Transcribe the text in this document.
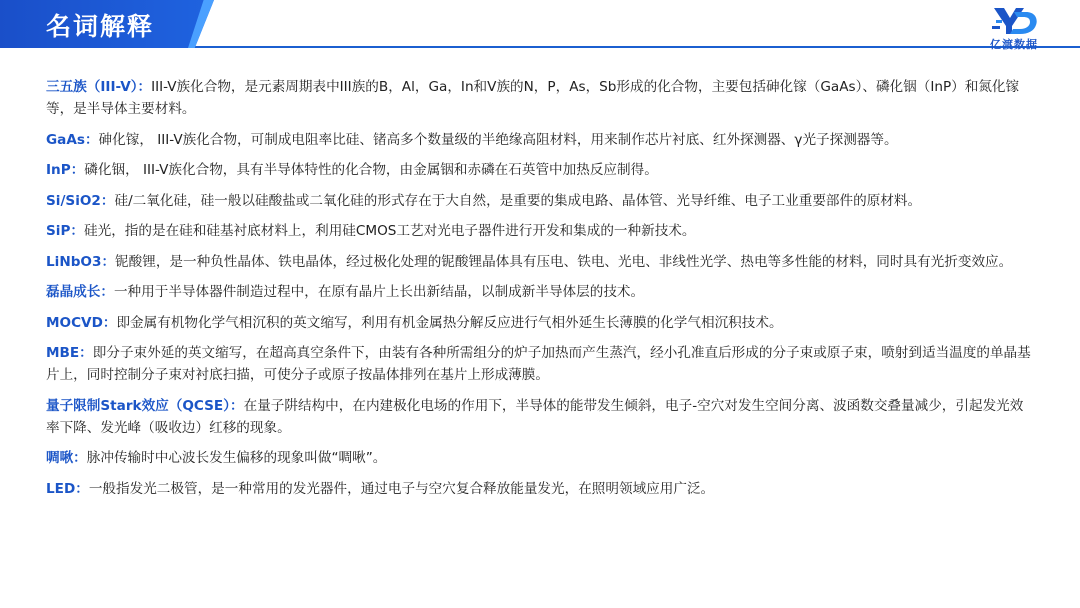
名词解释
亿渡数据
三五族（III-V）：III-V族化合物，是元素周期表中III族的B，Al，Ga，In和V族的N，P，As，Sb形成的化合物，主要包括砷化镓（GaAs）、磷化铟（InP）和氮化镓等，是半导体主要材料。
GaAs：砷化镓， III-V族化合物，可制成电阻率比硅、锗高多个数量级的半绝缘高阻材料，用来制作芯片衬底、红外探测器、γ光子探测器等。
InP：磷化铟， III-V族化合物，具有半导体特性的化合物，由金属铟和赤磷在石英管中加热反应制得。
Si/SiO2：硅/二氧化硅，硅一般以硅酸盐或二氧化硅的形式存在于大自然，是重要的集成电路、晶体管、光导纤维、电子工业重要部件的原材料。
SiP：硅光，指的是在硅和硅基衬底材料上，利用硅CMOS工艺对光电子器件进行开发和集成的一种新技术。
LiNbO3：铌酸锂，是一种负性晶体、铁电晶体，经过极化处理的铌酸锂晶体具有压电、铁电、光电、非线性光学、热电等多性能的材料，同时具有光折变效应。
磊晶成长：一种用于半导体器件制造过程中，在原有晶片上长出新结晶，以制成新半导体层的技术。
MOCVD：即金属有机物化学气相沉积的英文缩写，利用有机金属热分解反应进行气相外延生长薄膜的化学气相沉积技术。
MBE：即分子束外延的英文缩写，在超高真空条件下，由装有各种所需组分的炉子加热而产生蒸汽，经小孔准直后形成的分子束或原子束，喷射到适当温度的单晶基片上，同时控制分子束对衬底扫描，可使分子或原子按晶体排列在基片上形成薄膜。
量子限制Stark效应（QCSE）：在量子阱结构中，在内建极化电场的作用下，半导体的能带发生倾斜，电子-空穴对发生空间分离、波函数交叠量减少，引起发光效率下降、发光峰（吸收边）红移的现象。
啁啾：脉冲传输时中心波长发生偏移的现象叫做“啁啾”。
LED：一般指发光二极管，是一种常用的发光器件，通过电子与空穴复合释放能量发光，在照明领域应用广泛。
